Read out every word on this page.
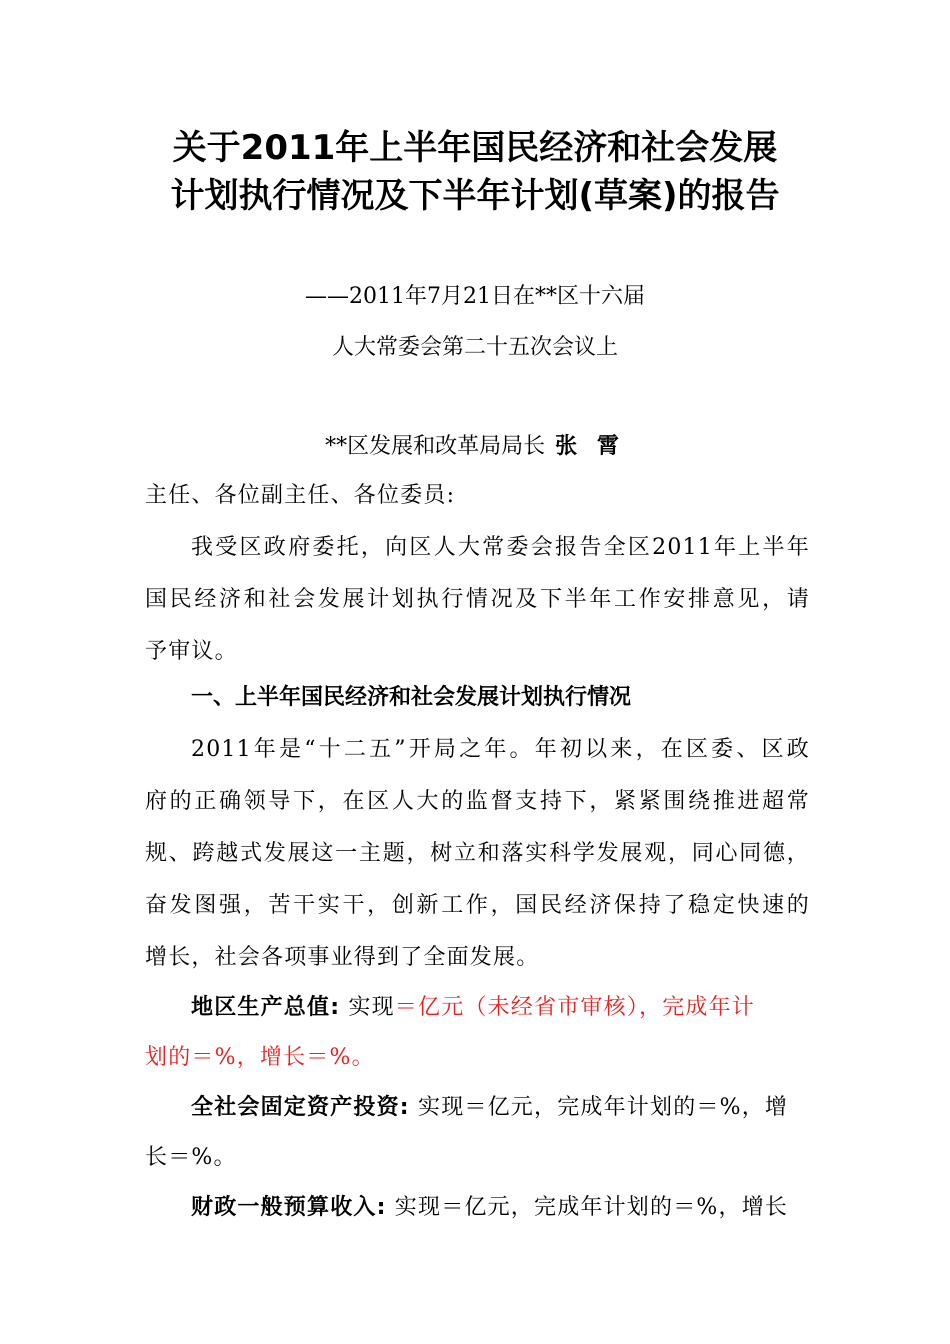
关于2011年上半年国民经济和社会发展
计划执行情况及下半年计划(草案)的报告
——2011年7月21日在**区十六届
人大常委会第二十五次会议上
**区发展和改革局局长 张 霄
主任、各位副主任、各位委员:
我受区政府委托，向区人大常委会报告全区2011年上半年
国民经济和社会发展计划执行情况及下半年工作安排意见，请
予审议。
一、上半年国民经济和社会发展计划执行情况
2011年是“十二五”开局之年。年初以来，在区委、区政
府的正确领导下，在区人大的监督支持下，紧紧围绕推进超常
规、跨越式发展这一主题，树立和落实科学发展观，同心同德，
奋发图强，苦干实干，创新工作，国民经济保持了稳定快速的
增长，社会各项事业得到了全面发展。
地区生产总值: 实现＝亿元（未经省市审核），完成年计
划的＝%，增长＝%。
全社会固定资产投资: 实现＝亿元，完成年计划的＝%，增
长＝%。
财政一般预算收入: 实现＝亿元，完成年计划的＝%，增长
